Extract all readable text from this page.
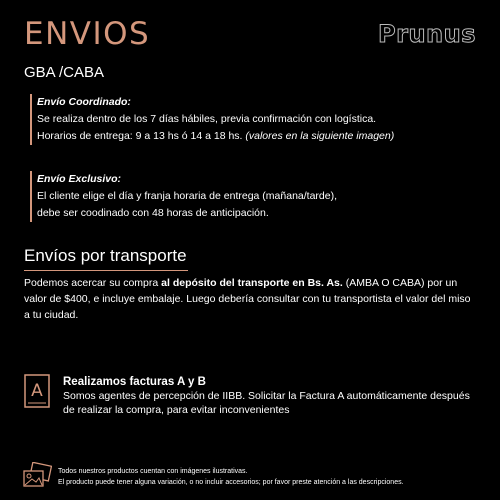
ENVIOS	Prunus
GBA /CABA
Envío Coordinado:
Se realiza dentro de los 7 días hábiles, previa confirmación con logística.
Horarios de entrega: 9 a 13 hs ó 14 a 18 hs. (valores en la siguiente imagen)
Envío Exclusivo:
El cliente elige el día y franja horaria de entrega (mañana/tarde),
debe ser coodinado con 48 horas de anticipación.
Envíos por transporte
Podemos acercar su compra al depósito del transporte en Bs. As. (AMBA O CABA) por un valor de $400, e incluye embalaje. Luego debería consultar con tu transportista el valor del miso a tu ciudad.
A Realizamos facturas A y B
Somos agentes de percepción de IIBB. Solicitar la Factura A automáticamente después de realizar la compra, para evitar inconvenientes
Todos nuestros productos cuentan con imágenes ilustrativas.
El producto puede tener alguna variación, o no incluir accesorios; por favor preste atención a las descripciones.
